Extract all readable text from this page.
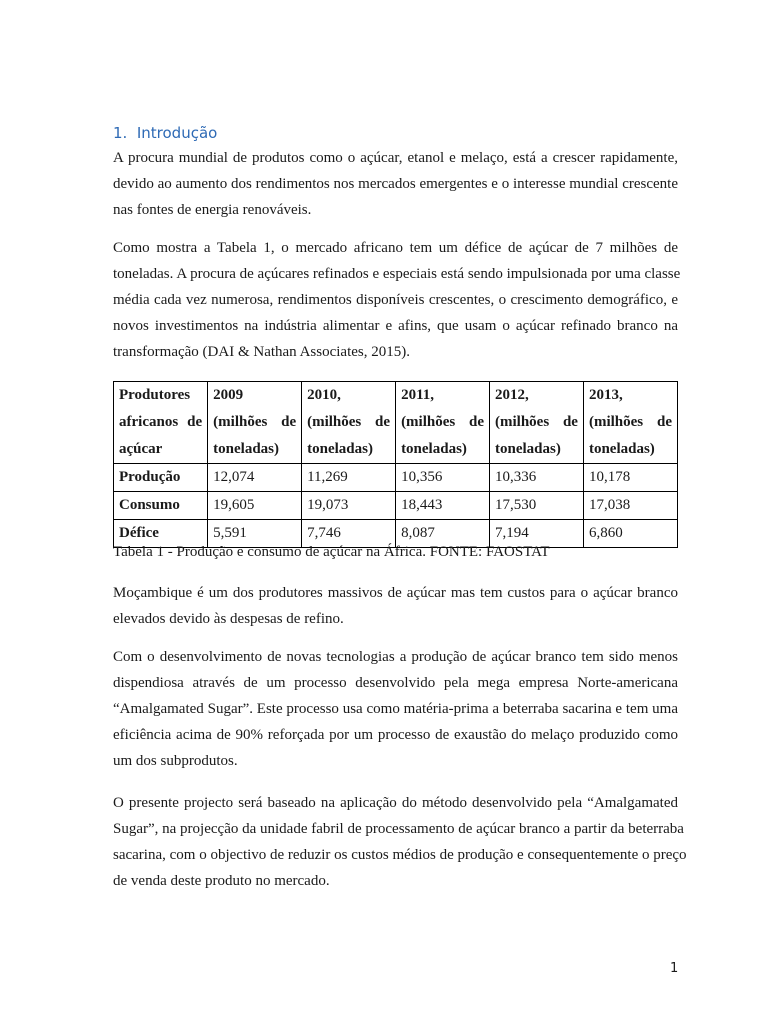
1. Introdução

A procura mundial de produtos como o açúcar, etanol e melaço, está a crescer rapidamente,
devido ao aumento dos rendimentos nos mercados emergentes e o interesse mundial crescente
nas fontes de energia renováveis.

Como mostra a Tabela 1, o mercado africano tem um défice de açúcar de 7 milhões de
toneladas. A procura de açúcares refinados e especiais está sendo impulsionada por uma classe
média cada vez numerosa, rendimentos disponíveis crescentes, o crescimento demográfico, e
novos investimentos na indústria alimentar e afins, que usam o açúcar refinado branco na
transformação (DAI & Nathan Associates, 2015).

Produtores
africanos de
açúcar	2009
(milhões de
toneladas)	2010,
(milhões de
toneladas)	2011,
(milhões de
toneladas)	2012,
(milhões de
toneladas)	2013,
(milhões de
toneladas)

Produção	12,074	11,269	10,356	10,336	10,178
Consumo	19,605	19,073	18,443	17,530	17,038
Défice	5,591	7,746	8,087	7,194	6,860
Tabela 1 - Produção e consumo de açúcar na África. FONTE: FAOSTAT

Moçambique é um dos produtores massivos de açúcar mas tem custos para o açúcar branco
elevados devido às despesas de refino.

Com o desenvolvimento de novas tecnologias a produção de açúcar branco tem sido menos
dispendiosa através de um processo desenvolvido pela mega empresa Norte-americana
“Amalgamated Sugar”. Este processo usa como matéria-prima a beterraba sacarina e tem uma
eficiência acima de 90% reforçada por um processo de exaustão do melaço produzido como
um dos subprodutos.

O presente projecto será baseado na aplicação do método desenvolvido pela “Amalgamated
Sugar”, na projecção da unidade fabril de processamento de açúcar branco a partir da beterraba
sacarina, com o objectivo de reduzir os custos médios de produção e consequentemente o preço
de venda deste produto no mercado.

1
